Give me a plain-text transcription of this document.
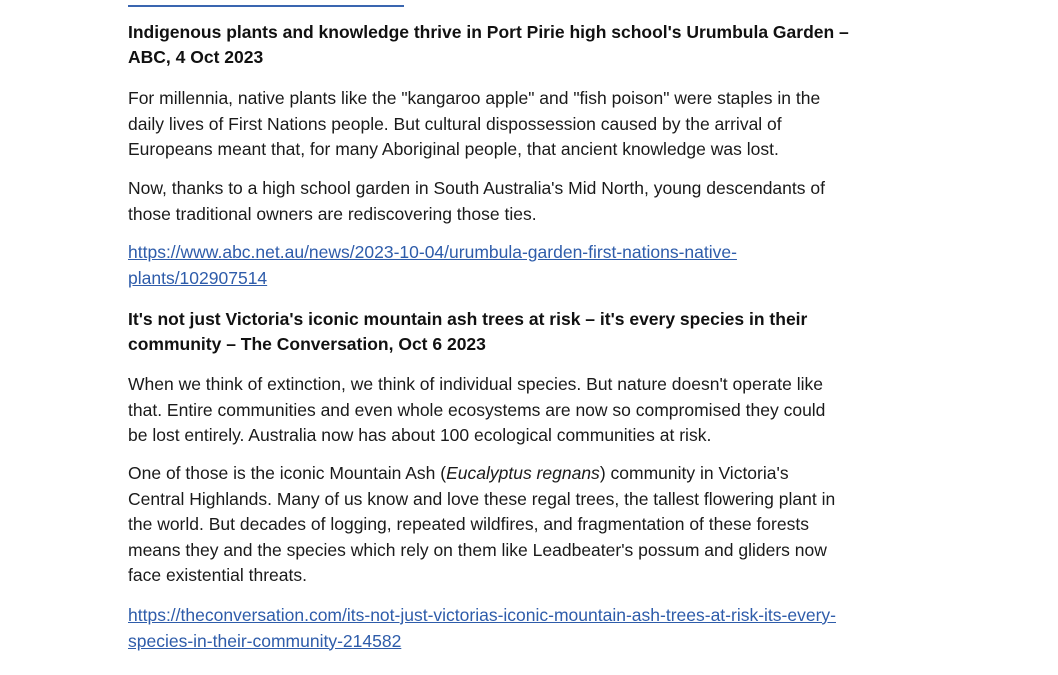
Indigenous plants and knowledge thrive in Port Pirie high school's Urumbula Garden –
ABC, 4 Oct 2023
For millennia, native plants like the "kangaroo apple" and "fish poison" were staples in the
daily lives of First Nations people. But cultural dispossession caused by the arrival of
Europeans meant that, for many Aboriginal people, that ancient knowledge was lost.
Now, thanks to a high school garden in South Australia's Mid North, young descendants of
those traditional owners are rediscovering those ties.
https://www.abc.net.au/news/2023-10-04/urumbula-garden-first-nations-native-
plants/102907514
It's not just Victoria's iconic mountain ash trees at risk – it's every species in their
community – The Conversation, Oct 6 2023
When we think of extinction, we think of individual species. But nature doesn't operate like
that. Entire communities and even whole ecosystems are now so compromised they could
be lost entirely. Australia now has about 100 ecological communities at risk.
One of those is the iconic Mountain Ash (Eucalyptus regnans) community in Victoria's
Central Highlands. Many of us know and love these regal trees, the tallest flowering plant in
the world. But decades of logging, repeated wildfires, and fragmentation of these forests
means they and the species which rely on them like Leadbeater's possum and gliders now
face existential threats.
https://theconversation.com/its-not-just-victorias-iconic-mountain-ash-trees-at-risk-its-every-
species-in-their-community-214582
